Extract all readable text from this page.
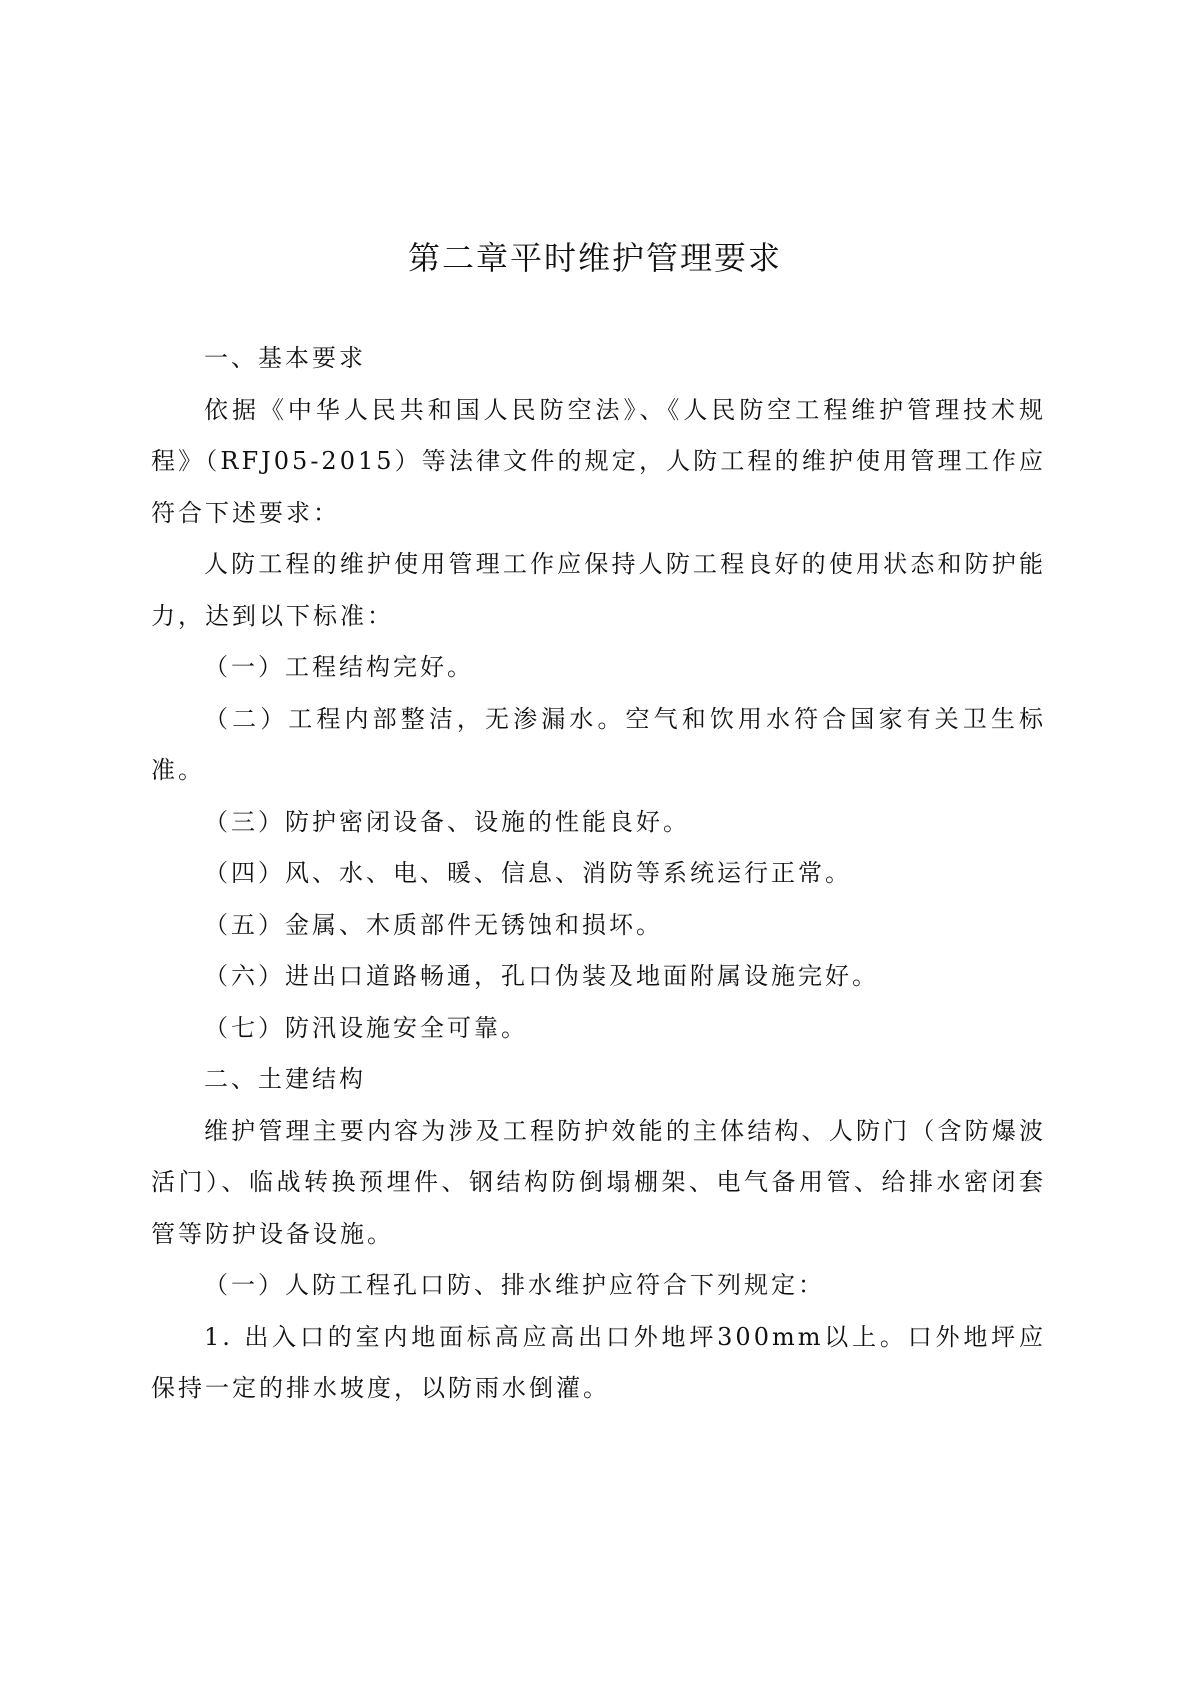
第二章平时维护管理要求

一、基本要求

依据《中华人民共和国人民防空法》、《人民防空工程维护管理技术规程》（RFJ05-2015）等法律文件的规定，人防工程的维护使用管理工作应符合下述要求：

人防工程的维护使用管理工作应保持人防工程良好的使用状态和防护能力，达到以下标准：

（一）工程结构完好。

（二）工程内部整洁，无渗漏水。空气和饮用水符合国家有关卫生标准。

（三）防护密闭设备、设施的性能良好。

（四）风、水、电、暖、信息、消防等系统运行正常。

（五）金属、木质部件无锈蚀和损坏。

（六）进出口道路畅通，孔口伪装及地面附属设施完好。

（七）防汛设施安全可靠。

二、土建结构

维护管理主要内容为涉及工程防护效能的主体结构、人防门（含防爆波活门）、临战转换预埋件、钢结构防倒塌棚架、电气备用管、给排水密闭套管等防护设备设施。

（一）人防工程孔口防、排水维护应符合下列规定：

1. 出入口的室内地面标高应高出口外地坪300mm以上。口外地坪应保持一定的排水坡度，以防雨水倒灌。
